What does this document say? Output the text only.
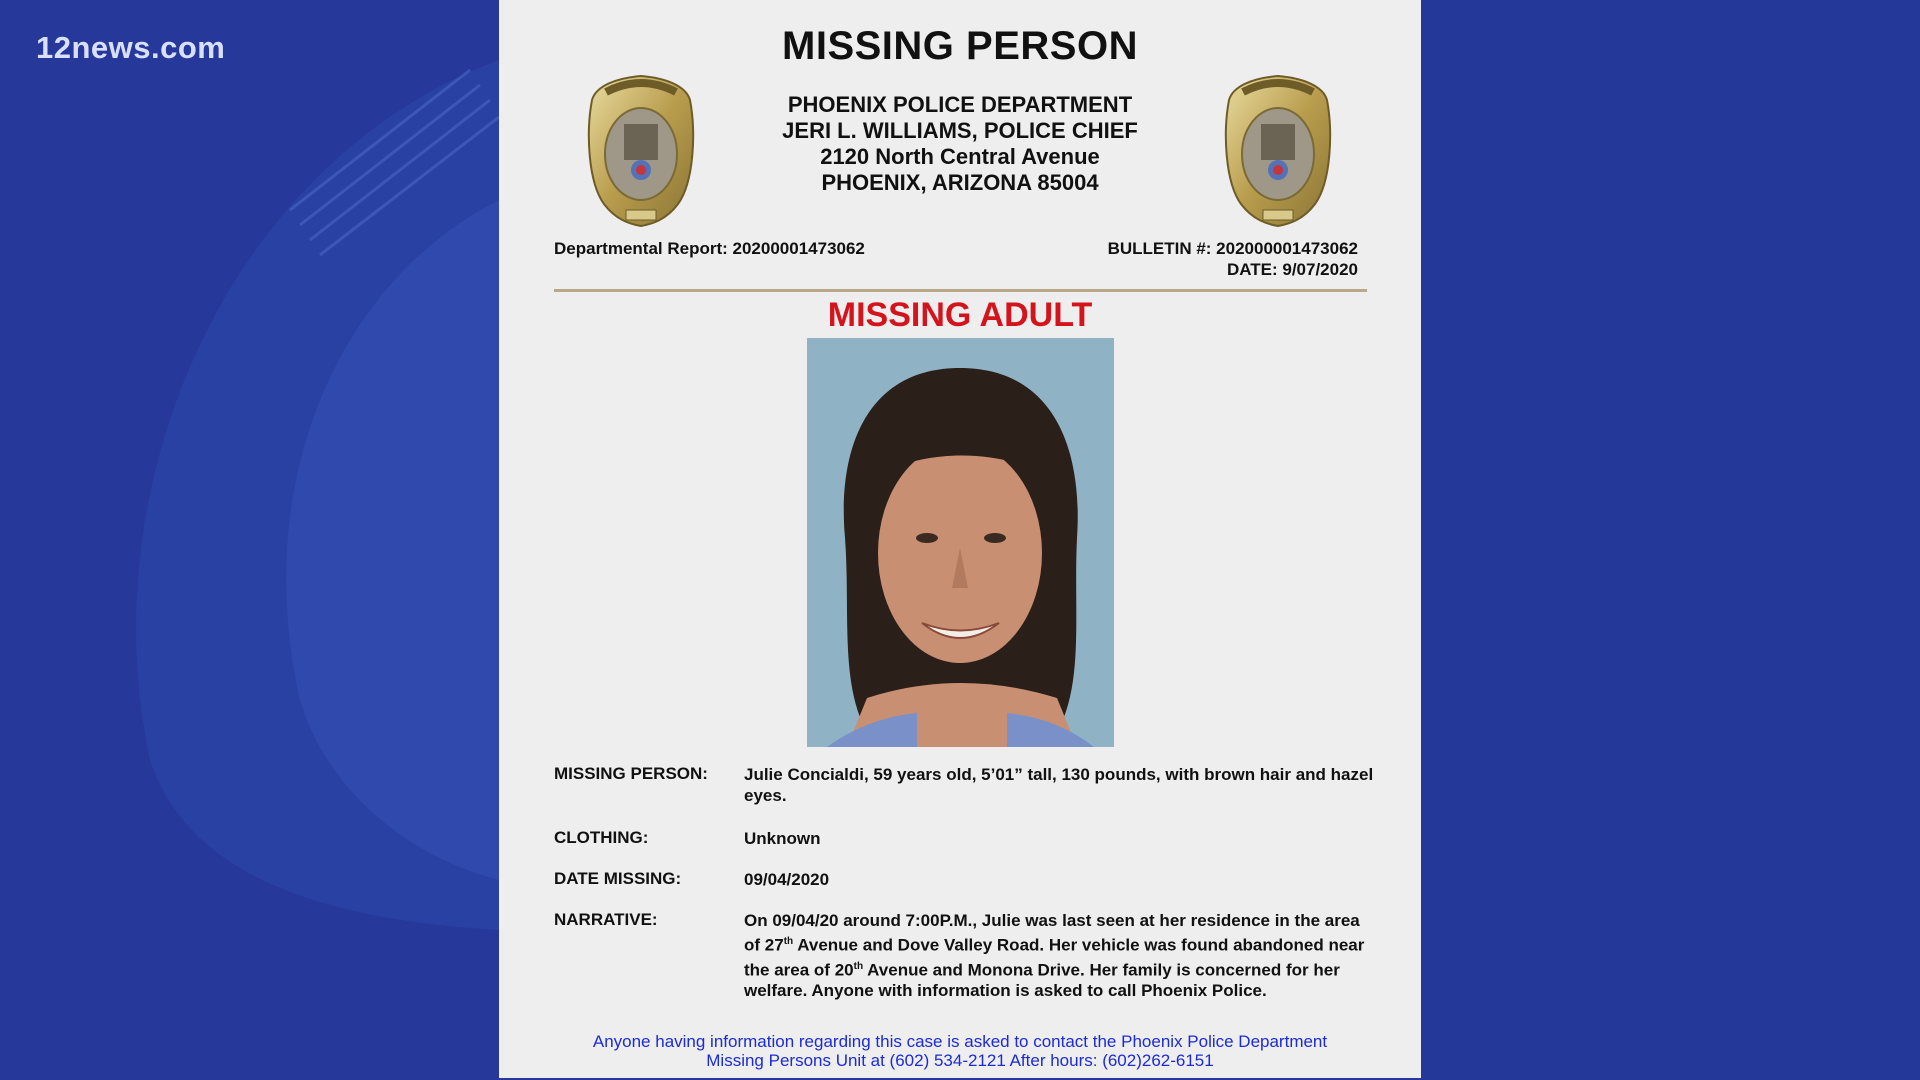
12news.com	MISSING PERSON
PHOENIX POLICE DEPARTMENT
JERI L. WILLIAMS, POLICE CHIEF
2120 North Central Avenue
PHOENIX, ARIZONA 85004
Departmental Report: 20200001473062	BULLETIN #: 202000001473062
DATE: 9/07/2020
MISSING ADULT
MISSING PERSON: Julie Concialdi, 59 years old, 5’01” tall, 130 pounds, with brown hair and hazel eyes.
CLOTHING:	Unknown
DATE MISSING:	09/04/2020
NARRATIVE:	On 09/04/20 around 7:00P.M., Julie was last seen at her residence in the area of 27th Avenue and Dove Valley Road. Her vehicle was found abandoned near the area of 20th Avenue and Monona Drive. Her family is concerned for her welfare. Anyone with information is asked to call Phoenix Police.
Anyone having information regarding this case is asked to contact the Phoenix Police Department
Missing Persons Unit at (602) 534-2121 After hours: (602)262-6151
